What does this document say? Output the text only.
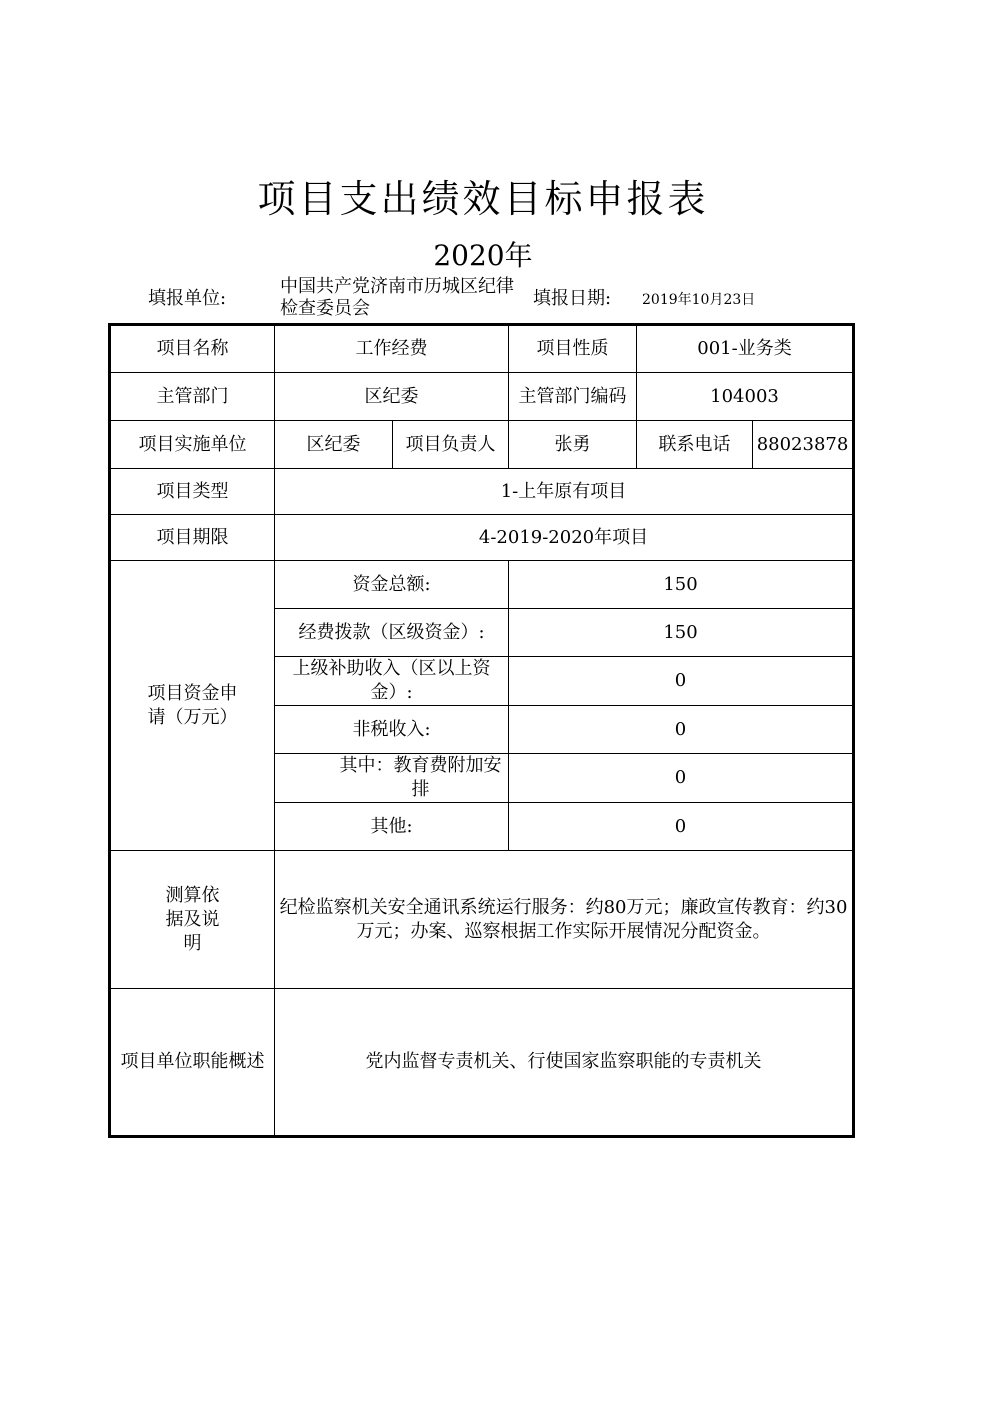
项目支出绩效目标申报表
2020年
填报单位:
中国共产党济南市历城区纪律检查委员会	填报日期: 2019年10月23日
项目名称	工作经费		项目性质	001-业务类	
主管部门	区纪委		主管部门编码	104003	
项目实施单位	区纪委	项目负责人	张勇	联系电话	88023878
项目类型	1-上年原有项目				
项目期限	4-2019-2020年项目				
项目资金申请（万元）	资金总额:		150		
	经费拨款（区级资金）:		150		
	上级补助收入（区以上资金）:		0		
	非税收入:		0		
	其中：教育费附加安排		0		
	其他:		0		
测算依据及说明	纪检监察机关安全通讯系统运行服务：约80万元；廉政宣传教育：约30万元；办案、巡察根据工作实际开展情况分配资金。				
项目单位职能概述	党内监督专责机关、行使国家监察职能的专责机关				
